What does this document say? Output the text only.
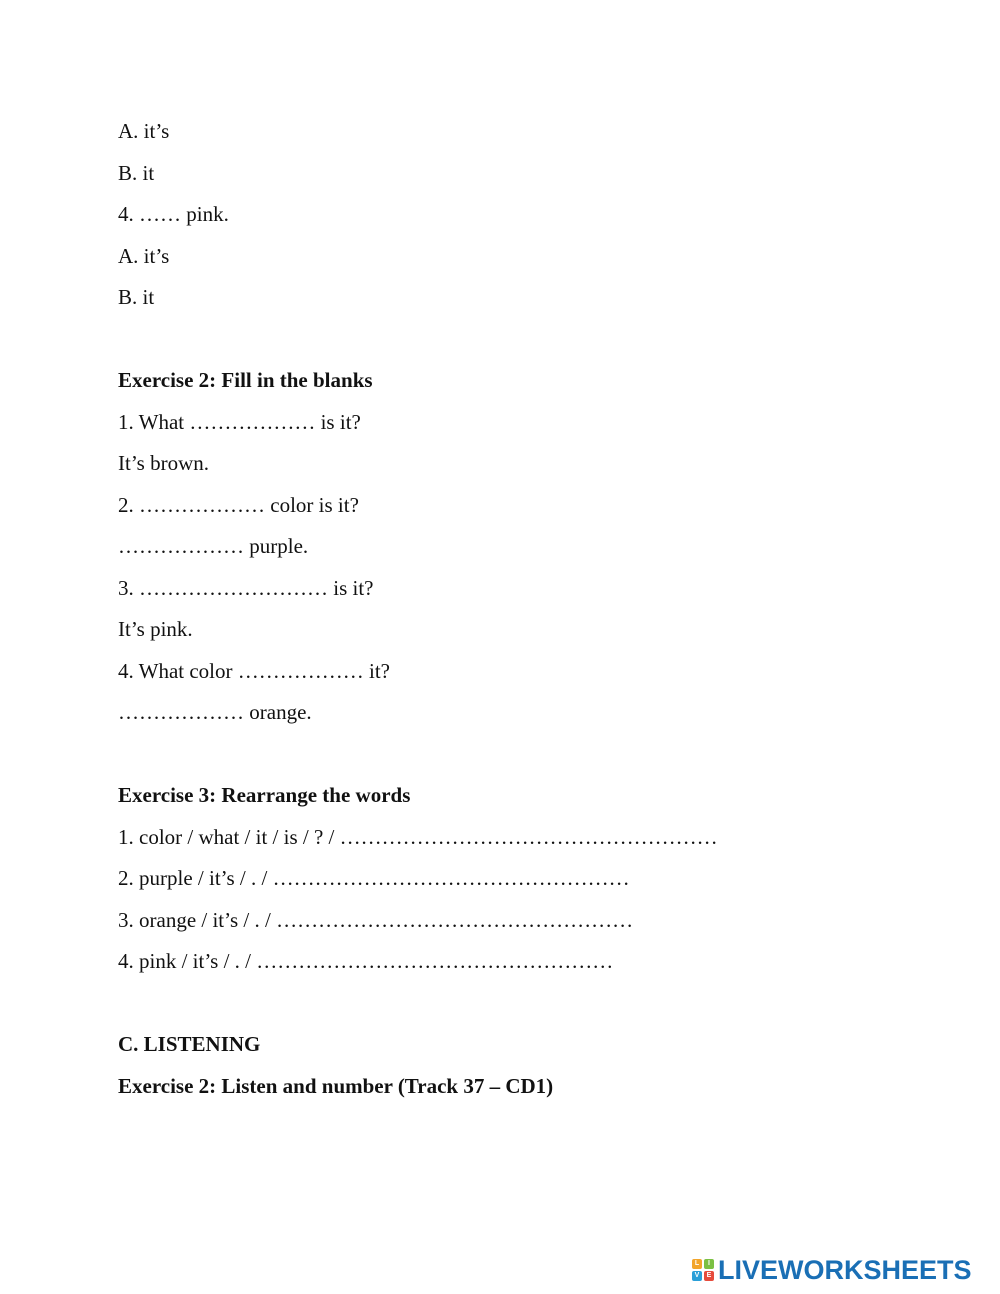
A. it’s
B. it
4. …… pink.
A. it’s
B. it
Exercise 2: Fill in the blanks
1. What ……………… is it?
It’s brown.
2. ……………… color is it?
……………… purple.
3. ……………………… is it?
It’s pink.
4. What color ……………… it?
……………… orange.
Exercise 3: Rearrange the words
1. color / what / it / is / ? / ………………………………………………
2. purple / it’s / . / ……………………………………………
3. orange / it’s / . / ……………………………………………
4. pink / it’s / . / ……………………………………………
C. LISTENING
Exercise 2: Listen and number (Track 37 – CD1)
L	I
V	E LIVEWORKSHEETS
